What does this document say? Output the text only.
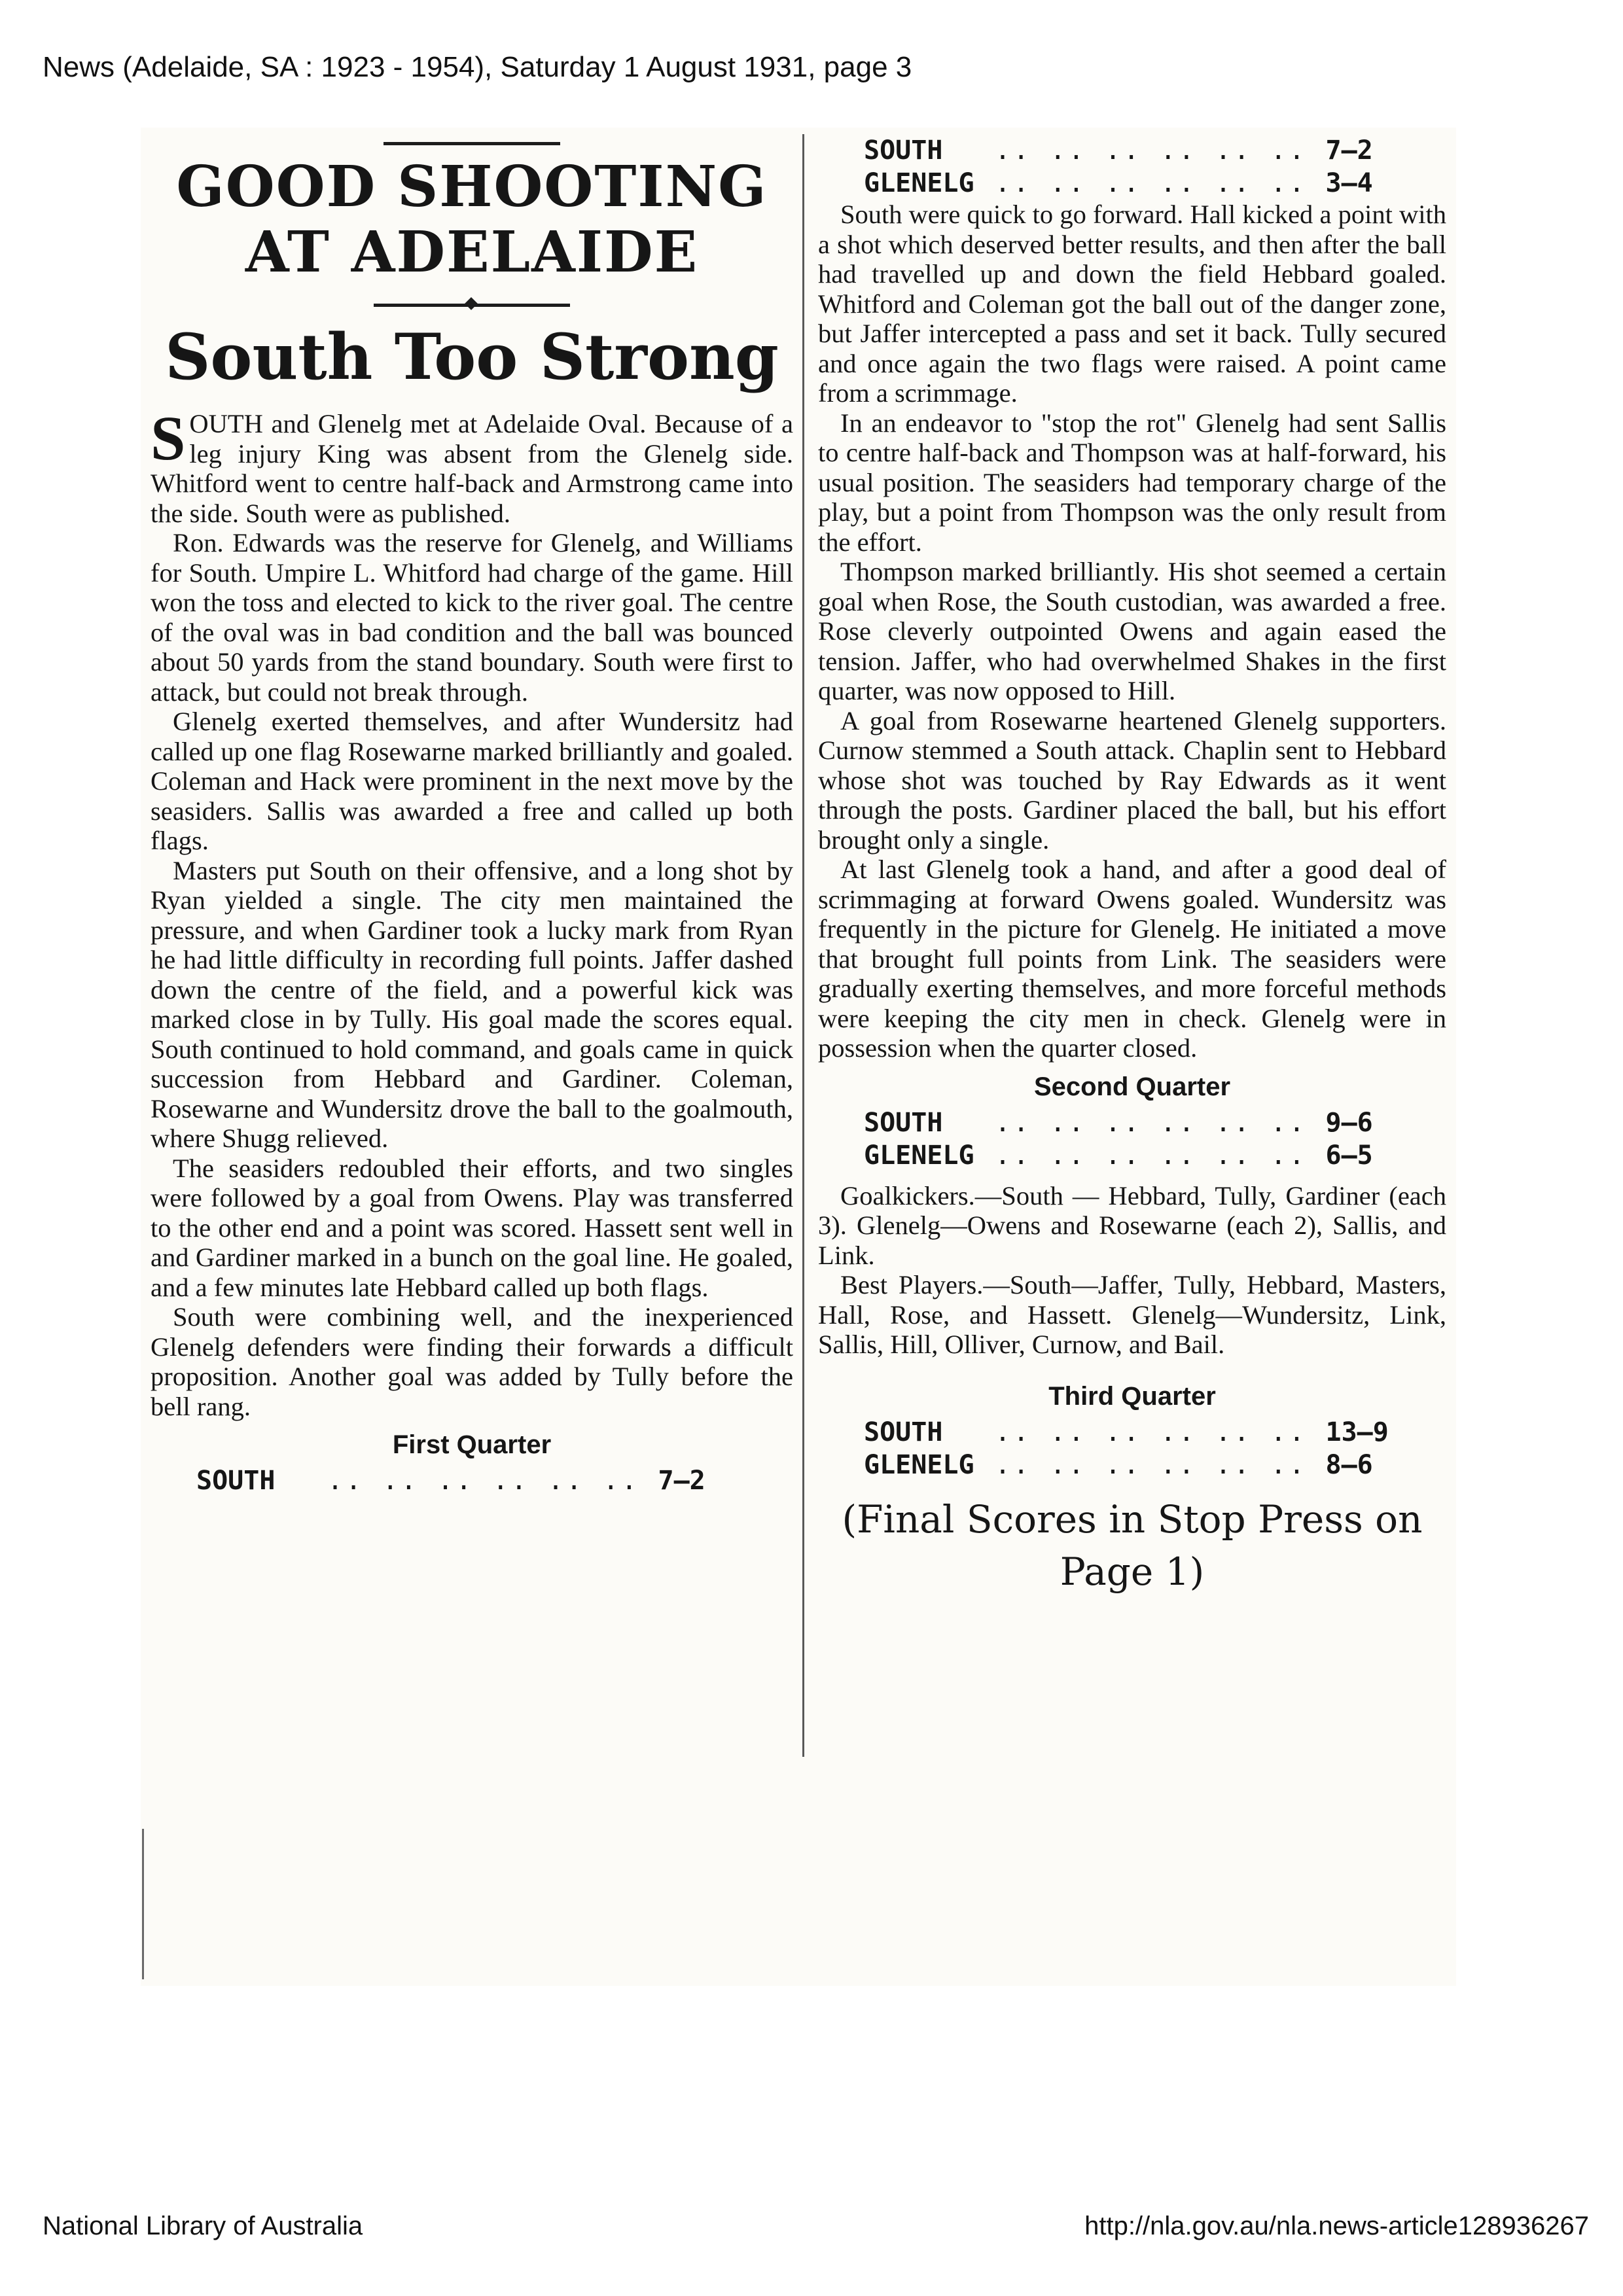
News (Adelaide, SA : 1923 - 1954), Saturday 1 August 1931, page 3
GOOD SHOOTING
AT ADELAIDE
South Too Strong

SOUTH and Glenelg met at Adelaide Oval. Because of a leg injury King was absent from the Glenelg side. Whitford went to centre half-back and Armstrong came into the side. South were as published.

Ron. Edwards was the reserve for Glenelg, and Williams for South. Umpire L. Whitford had charge of the game. Hill won the toss and elected to kick to the river goal. The centre of the oval was in bad condition and the ball was bounced about 50 yards from the stand boundary. South were first to attack, but could not break through.

Glenelg exerted themselves, and after Wundersitz had called up one flag Rosewarne marked brilliantly and goaled. Coleman and Hack were prominent in the next move by the seasiders. Sallis was awarded a free and called up both flags.

Masters put South on their offensive, and a long shot by Ryan yielded a single. The city men maintained the pressure, and when Gardiner took a lucky mark from Ryan he had little difficulty in recording full points. Jaffer dashed down the centre of the field, and a powerful kick was marked close in by Tully. His goal made the scores equal. South continued to hold command, and goals came in quick succession from Hebbard and Gardiner. Coleman, Rosewarne and Wundersitz drove the ball to the goalmouth, where Shugg relieved.

The seasiders redoubled their efforts, and two singles were followed by a goal from Owens. Play was transferred to the other end and a point was scored. Hassett sent well in and Gardiner marked in a bunch on the goal line. He goaled, and a few minutes late Hebbard called up both flags.

South were combining well, and the inexperienced Glenelg defenders were finding their forwards a difficult proposition. Another goal was added by Tully before the bell rang.

First Quarter
SOUTH .. .. .. .. .. .. 7—2
SOUTH .. .. .. .. .. .. 7—2
GLENELG .. .. .. .. .. .. 3—4

South were quick to go forward. Hall kicked a point with a shot which deserved better results, and then after the ball had travelled up and down the field Hebbard goaled. Whitford and Coleman got the ball out of the danger zone, but Jaffer intercepted a pass and set it back. Tully secured and once again the two flags were raised. A point came from a scrimmage.

In an endeavor to "stop the rot" Glenelg had sent Sallis to centre half-back and Thompson was at half-forward, his usual position. The seasiders had temporary charge of the play, but a point from Thompson was the only result from the effort.

Thompson marked brilliantly. His shot seemed a certain goal when Rose, the South custodian, was awarded a free. Rose cleverly outpointed Owens and again eased the tension. Jaffer, who had overwhelmed Shakes in the first quarter, was now opposed to Hill.

A goal from Rosewarne heartened Glenelg supporters. Curnow stemmed a South attack. Chaplin sent to Hebbard whose shot was touched by Ray Edwards as it went through the posts. Gardiner placed the ball, but his effort brought only a single.

At last Glenelg took a hand, and after a good deal of scrimmaging at forward Owens goaled. Wundersitz was frequently in the picture for Glenelg. He initiated a move that brought full points from Link. The seasiders were gradually exerting themselves, and more forceful methods were keeping the city men in check. Glenelg were in possession when the quarter closed.

Second Quarter
SOUTH .. .. .. .. .. .. 9—6
GLENELG .. .. .. .. .. .. 6—5

Goalkickers.—South — Hebbard, Tully, Gardiner (each 3). Glenelg—Owens and Rosewarne (each 2), Sallis, and Link.

Best Players.—South—Jaffer, Tully, Hebbard, Masters, Hall, Rose, and Hassett. Glenelg—Wundersitz, Link, Sallis, Hill, Olliver, Curnow, and Bail.

Third Quarter
SOUTH .. .. .. .. .. .. 13—9
GLENELG .. .. .. .. .. .. 8—6
(Final Scores in Stop Press on
Page 1)
National Library of Australia	http://nla.gov.au/nla.news-article128936267
